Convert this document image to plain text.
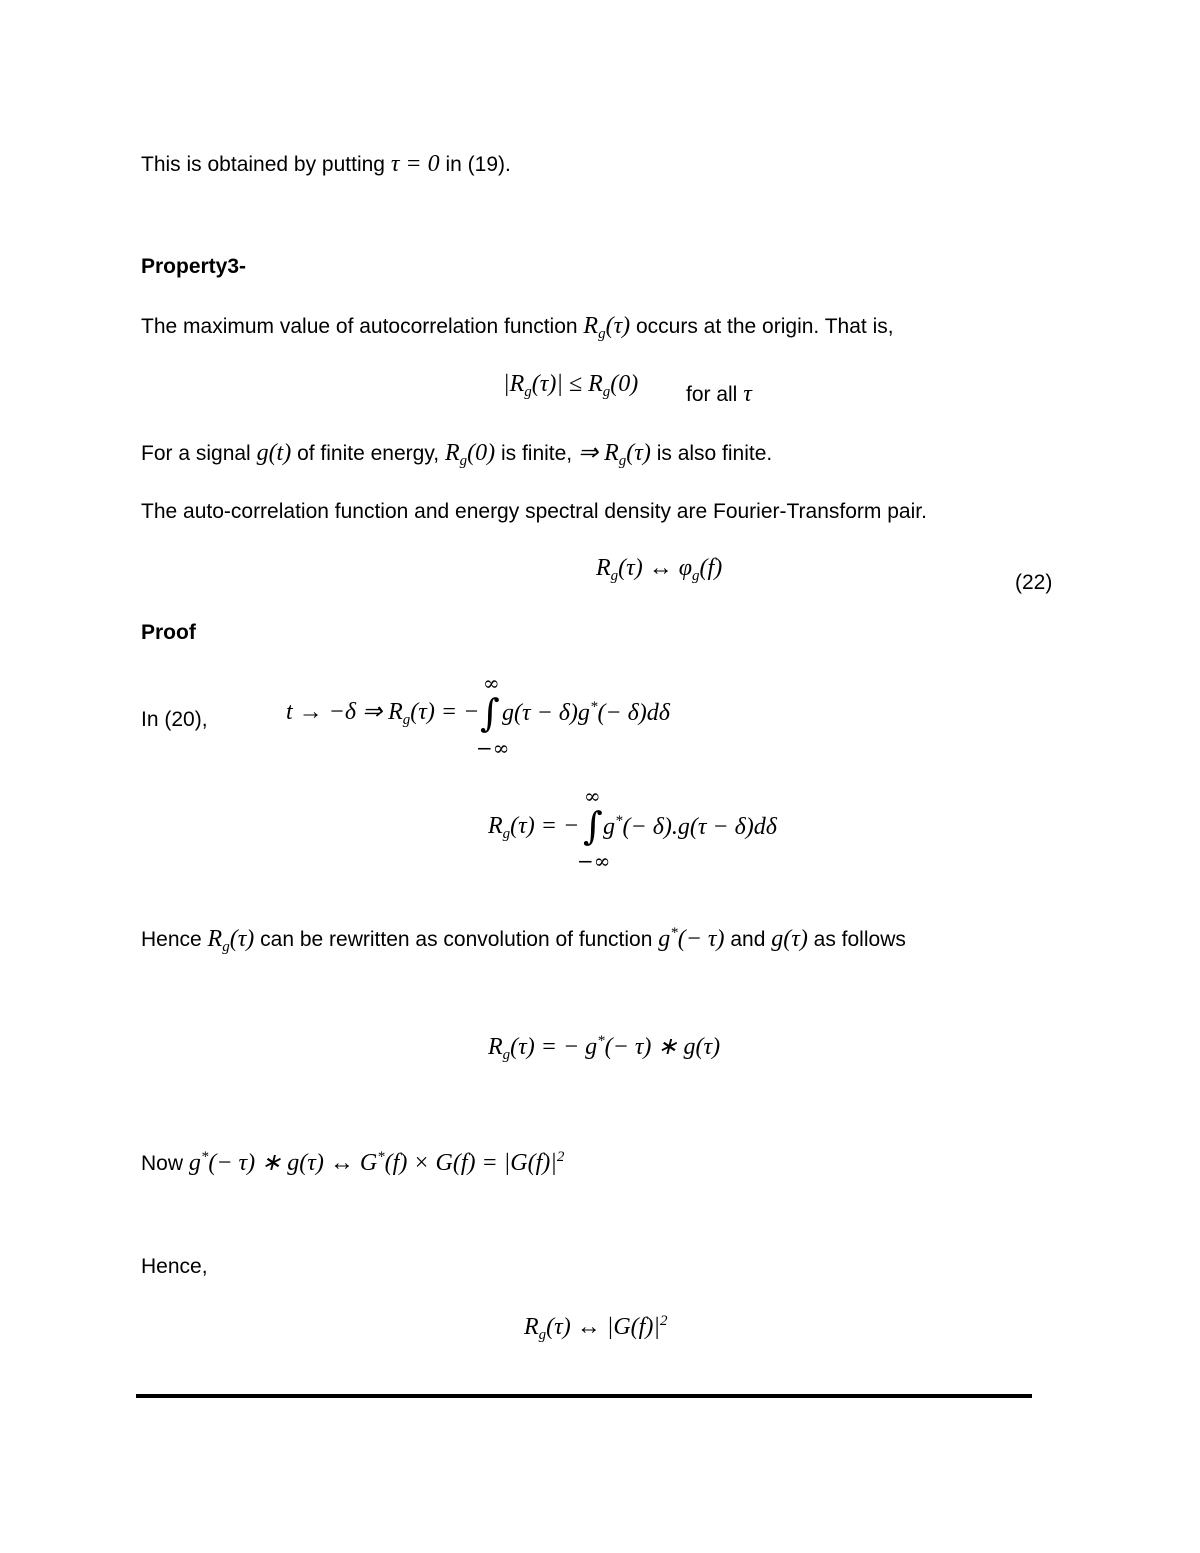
This is obtained by putting τ = 0 in (19).
Property3-
The maximum value of autocorrelation function $R_g(\tau)$ occurs at the origin. That is,
$|R_g(\tau)| \le R_g(0)$ for all τ
For a signal g(t) of finite energy, $R_g(0)$ is finite, ⇒ $R_g(\tau)$ is also finite.
The auto-correlation function and energy spectral density are Fourier-Transform pair.
$R_g(\tau)$ ↔ $\varphi_g(f)$
(22)
Proof
In (20),	t → −δ ⇒ $R_g(\tau)$ = − ∫
∞
−∞
g(τ − δ)g*(− δ)dδ
$R_g(\tau)$ = − ∫
∞
−∞
g*(− δ).g(τ − δ)dδ
Hence $R_g(\tau)$ can be rewritten as convolution of function g*(− τ) and g(τ) as follows
$R_g(\tau)$ = − g*(− τ) ∗ g(τ)
Now g*(− τ) ∗ g(τ) ↔ $G^*(f) \times G(f) = |G(f)|^2$
Hence,
$R_g(\tau)$ ↔ $|G(f)|^2$
